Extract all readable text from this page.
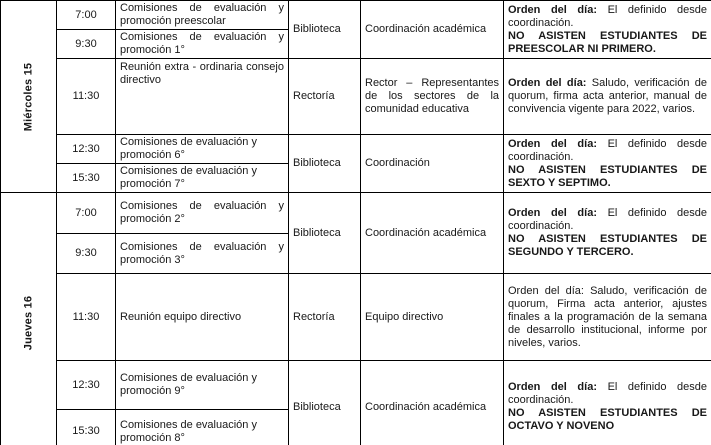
Miércoles 15	7:00	Comisiones de evaluación y promoción preescolar	Biblioteca	Coordinación académica	Orden del día: El definido desde coordinación.
NO ASISTEN ESTUDIANTES DE PREESCOLAR NI PRIMERO.

	9:30	Comisiones de evaluación y promoción 1°			
	11:30	Reunión extra - ordinaria consejo directivo	Rectoría	Rector – Representantes de los sectores de la comunidad educativa	Orden del día: Saludo, verificación de quorum, firma acta anterior, manual de convivencia vigente para 2022, varios.
	12:30	Comisiones de evaluación y promoción 6°	Biblioteca	Coordinación	Orden del día: El definido desde coordinación.
NO ASISTEN ESTUDIANTES DE SEXTO Y SEPTIMO.

	15:30	Comisiones de evaluación y promoción 7°			

Jueves 16	7:00	Comisiones de evaluación y promoción 2°	Biblioteca	Coordinación académica	Orden del día: El definido desde coordinación.
NO ASISTEN ESTUDIANTES DE SEGUNDO Y TERCERO.

	9:30	Comisiones de evaluación y promoción 3°			
	11:30	Reunión equipo directivo	Rectoría	Equipo directivo	Orden del día: Saludo, verificación de quorum, Firma acta anterior, ajustes finales a la programación de la semana de desarrollo institucional, informe por niveles, varios.
	12:30	Comisiones de evaluación y promoción 9°	Biblioteca	Coordinación académica	Orden del día: El definido desde coordinación.
NO ASISTEN ESTUDIANTES DE OCTAVO Y NOVENO

	15:30	Comisiones de evaluación y promoción 8°			
